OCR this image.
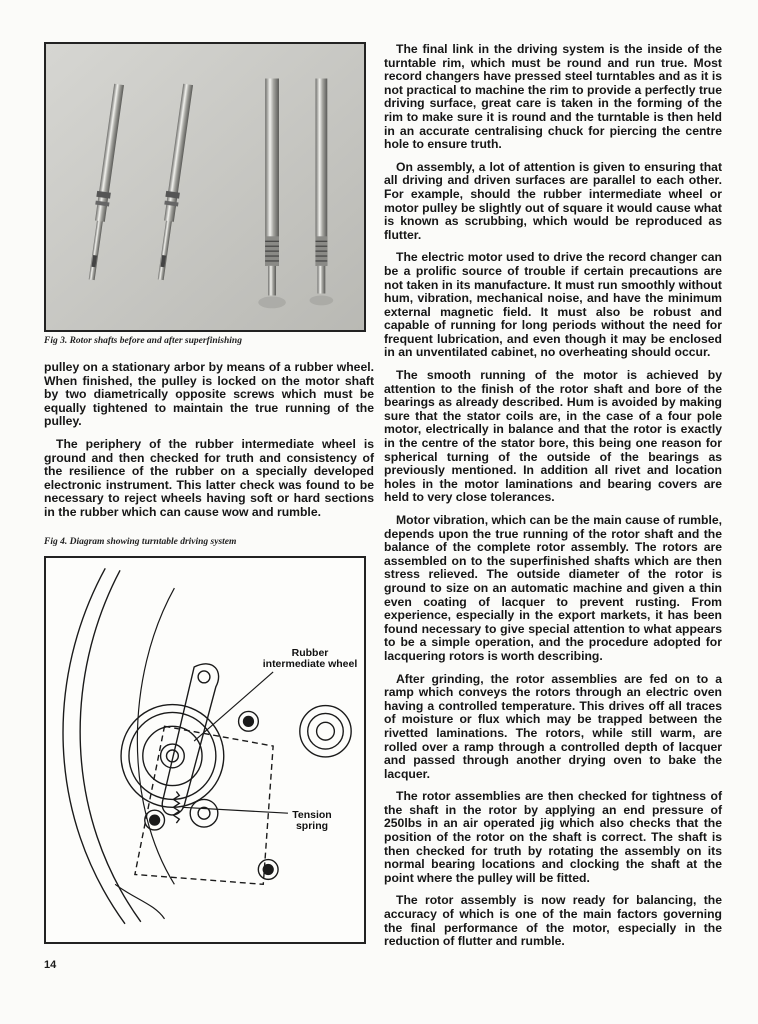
Fig 3. Rotor shafts before and after superfinishing

pulley on a stationary arbor by means of a rubber wheel. When finished, the pulley is locked on the motor shaft by two diametrically opposite screws which must be equally tightened to maintain the true running of the pulley.

The periphery of the rubber intermediate wheel is ground and then checked for truth and consistency of the resilience of the rubber on a specially developed electronic instrument. This latter check was found to be necessary to reject wheels having soft or hard sections in the rubber which can cause wow and rumble.

Fig 4. Diagram showing turntable driving system
Rubber intermediate wheel
Tension spring

The final link in the driving system is the inside of the turntable rim, which must be round and run true. Most record changers have pressed steel turntables and as it is not practical to machine the rim to provide a perfectly true driving surface, great care is taken in the forming of the rim to make sure it is round and the turntable is then held in an accurate centralising chuck for piercing the centre hole to ensure truth.

On assembly, a lot of attention is given to ensuring that all driving and driven surfaces are parallel to each other. For example, should the rubber intermediate wheel or motor pulley be slightly out of square it would cause what is known as scrubbing, which would be reproduced as flutter.

The electric motor used to drive the record changer can be a prolific source of trouble if certain precautions are not taken in its manufacture. It must run smoothly without hum, vibration, mechanical noise, and have the minimum external magnetic field. It must also be robust and capable of running for long periods without the need for frequent lubrication, and even though it may be enclosed in an unventilated cabinet, no overheating should occur.

The smooth running of the motor is achieved by attention to the finish of the rotor shaft and bore of the bearings as already described. Hum is avoided by making sure that the stator coils are, in the case of a four pole motor, electrically in balance and that the rotor is exactly in the centre of the stator bore, this being one reason for spherical turning of the outside of the bearings as previously mentioned. In addition all rivet and location holes in the motor laminations and bearing covers are held to very close tolerances.

Motor vibration, which can be the main cause of rumble, depends upon the true running of the rotor shaft and the balance of the complete rotor assembly. The rotors are assembled on to the superfinished shafts which are then stress relieved. The outside diameter of the rotor is ground to size on an automatic machine and given a thin even coating of lacquer to prevent rusting. From experience, especially in the export markets, it has been found necessary to give special attention to what appears to be a simple operation, and the procedure adopted for lacquering rotors is worth describing.

After grinding, the rotor assemblies are fed on to a ramp which conveys the rotors through an electric oven having a controlled temperature. This drives off all traces of moisture or flux which may be trapped between the rivetted laminations. The rotors, while still warm, are rolled over a ramp through a controlled depth of lacquer and passed through another drying oven to bake the lacquer.

The rotor assemblies are then checked for tightness of the shaft in the rotor by applying an end pressure of 250lbs in an air operated jig which also checks that the position of the rotor on the shaft is correct. The shaft is then checked for truth by rotating the assembly on its normal bearing locations and clocking the shaft at the point where the pulley will be fitted.

The rotor assembly is now ready for balancing, the accuracy of which is one of the main factors governing the final performance of the motor, especially in the reduction of flutter and rumble.

14
